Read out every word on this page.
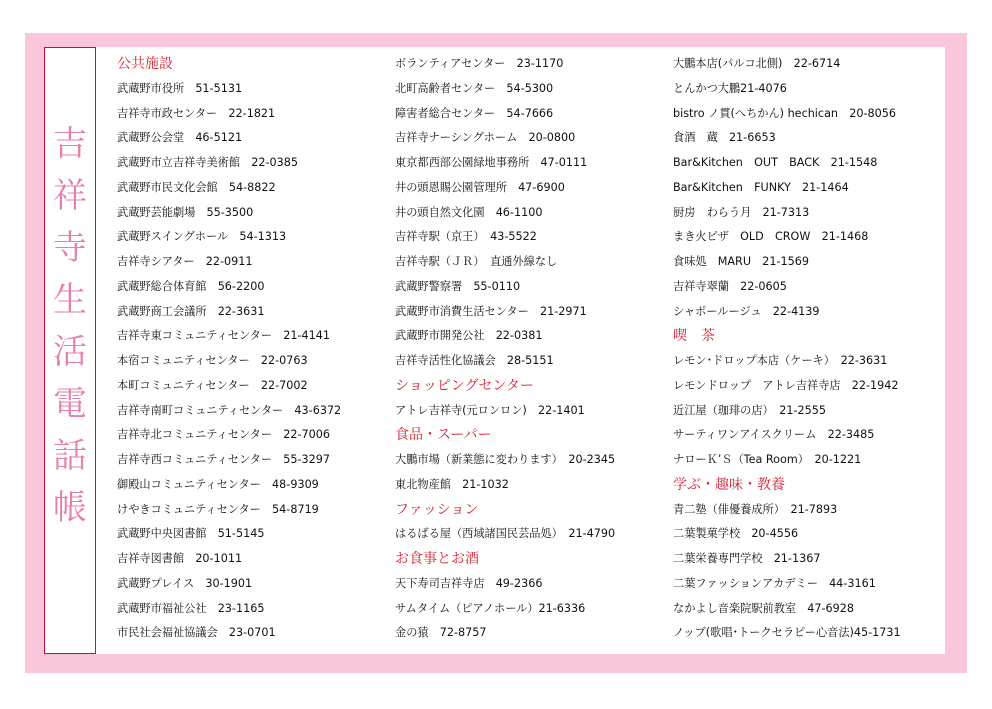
吉
祥
寺
生
活
電
話
帳
公共施設
武蔵野市役所　51-5131
吉祥寺市政センター　22-1821
武蔵野公会堂　46-5121
武蔵野市立吉祥寺美術館　22-0385
武蔵野市民文化会館　54-8822
武蔵野芸能劇場　55-3500
武蔵野スイングホール　54-1313
吉祥寺シアター　22-0911
武蔵野総合体育館　56-2200
武蔵野商工会議所　22-3631
吉祥寺東コミュニティセンター　21-4141
本宿コミュニティセンター　22-0763
本町コミュニティセンター　22-7002
吉祥寺南町コミュニティセンター　43-6372
吉祥寺北コミュニティセンター　22-7006
吉祥寺西コミュニティセンター　55-3297
御殿山コミュニティセンター　48-9309
けやきコミュニティセンター　54-8719
武蔵野中央図書館　51-5145
吉祥寺図書館　20-1011
武蔵野プレイス　30-1901
武蔵野市福祉公社　23-1165
市民社会福祉協議会　23-0701
ボランティアセンター　23-1170
北町高齢者センター　54-5300
障害者総合センター　54-7666
吉祥寺ナーシングホーム　20-0800
東京都西部公園緑地事務所　47-0111
井の頭恩賜公園管理所　47-6900
井の頭自然文化園　46-1100
吉祥寺駅（京王）　43-5522
吉祥寺駅（ＪＲ）　直通外線なし
武蔵野警察署　55-0110
武蔵野市消費生活センター　21-2971
武蔵野市開発公社　22-0381
吉祥寺活性化協議会　28-5151
ショッピングセンター
アトレ吉祥寺(元ロンロン)　22-1401
食品・スーパー
大鵬市場（新業態に変わります）　20-2345
東北物産館　21-1032
ファッション
はるばる屋（西域諸国民芸品処）　21-4790
お食事とお酒
天下寿司吉祥寺店　49-2366
サムタイム（ピアノホール）21-6336
金の猿　72-8757
大鵬本店(パルコ北側)　22-6714
とんかつ大鵬21-4076
bistro ノ貫(へちかん) hechican　20-8056
食酒　蔵　21-6653
Bar&Kitchen　OUT　BACK　21-1548
Bar&Kitchen　FUNKY　21-1464
厨房　わらう月　21-7313
まき火ピザ　OLD　CROW　21-1468
食味処　MARU　21-1569
吉祥寺翠蘭　22-0605
シャポールージュ　22-4139
喫　茶
レモン･ドロップ本店（ケーキ）　22-3631
レモンドロップ　アトレ吉祥寺店　22-1942
近江屋（珈琲の店）　21-2555
サーティワンアイスクリーム　22-3485
ナローＫ’Ｓ（Tea Room）　20-1221
学ぶ・趣味・教養
青二塾（俳優養成所）　21-7893
二葉製菓学校　20-4556
二葉栄養専門学校　21-1367
二葉ファッションアカデミー　44-3161
なかよし音楽院駅前教室　47-6928
ノッブ(歌唱･トークセラピー心音法)45-1731
